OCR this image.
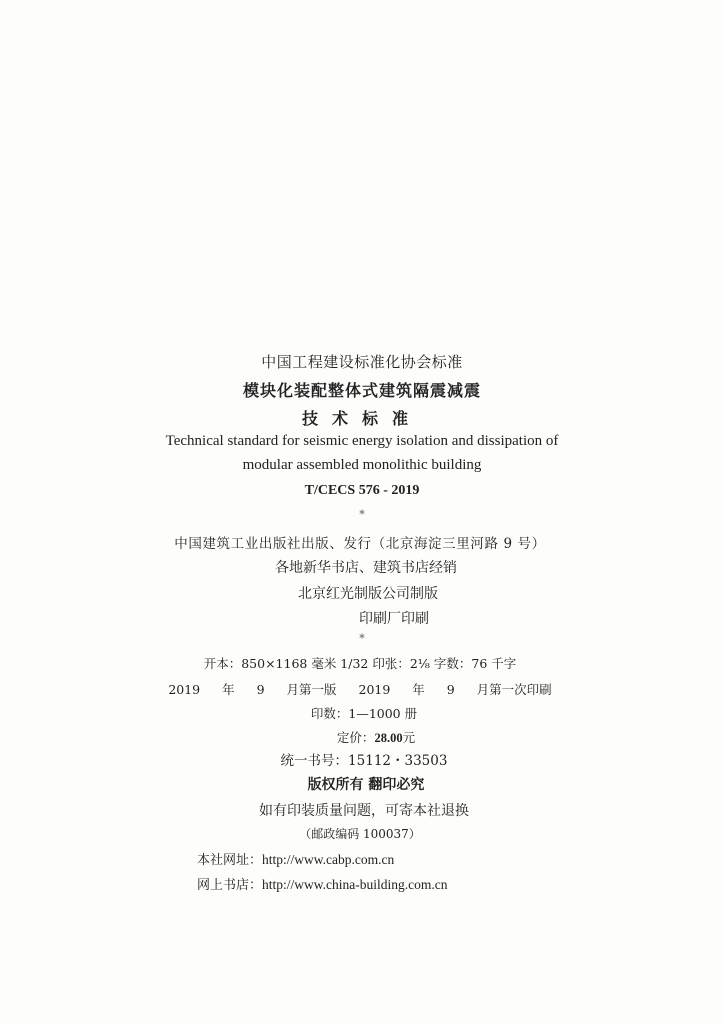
中国工程建设标准化协会标准
模块化装配整体式建筑隔震减震
技术标准
Technical standard for seismic energy isolation and dissipation of
modular assembled monolithic building
T/CECS 576 - 2019
*
中国建筑工业出版社出版、发行（北京海淀三里河路 9 号）
各地新华书店、建筑书店经销
北京红光制版公司制版
印刷厂印刷
*
开本：850×1168 毫米 1/32 印张：2⅛ 字数：76 千字
2019 年 9 月第一版 2019 年 9 月第一次印刷
印数：1—1000 册
定价：28.00元
统一书号：15112・33503
版权所有 翻印必究
如有印装质量问题，可寄本社退换
（邮政编码 100037）
本社网址：http://www.cabp.com.cn
网上书店：http://www.china-building.com.cn
